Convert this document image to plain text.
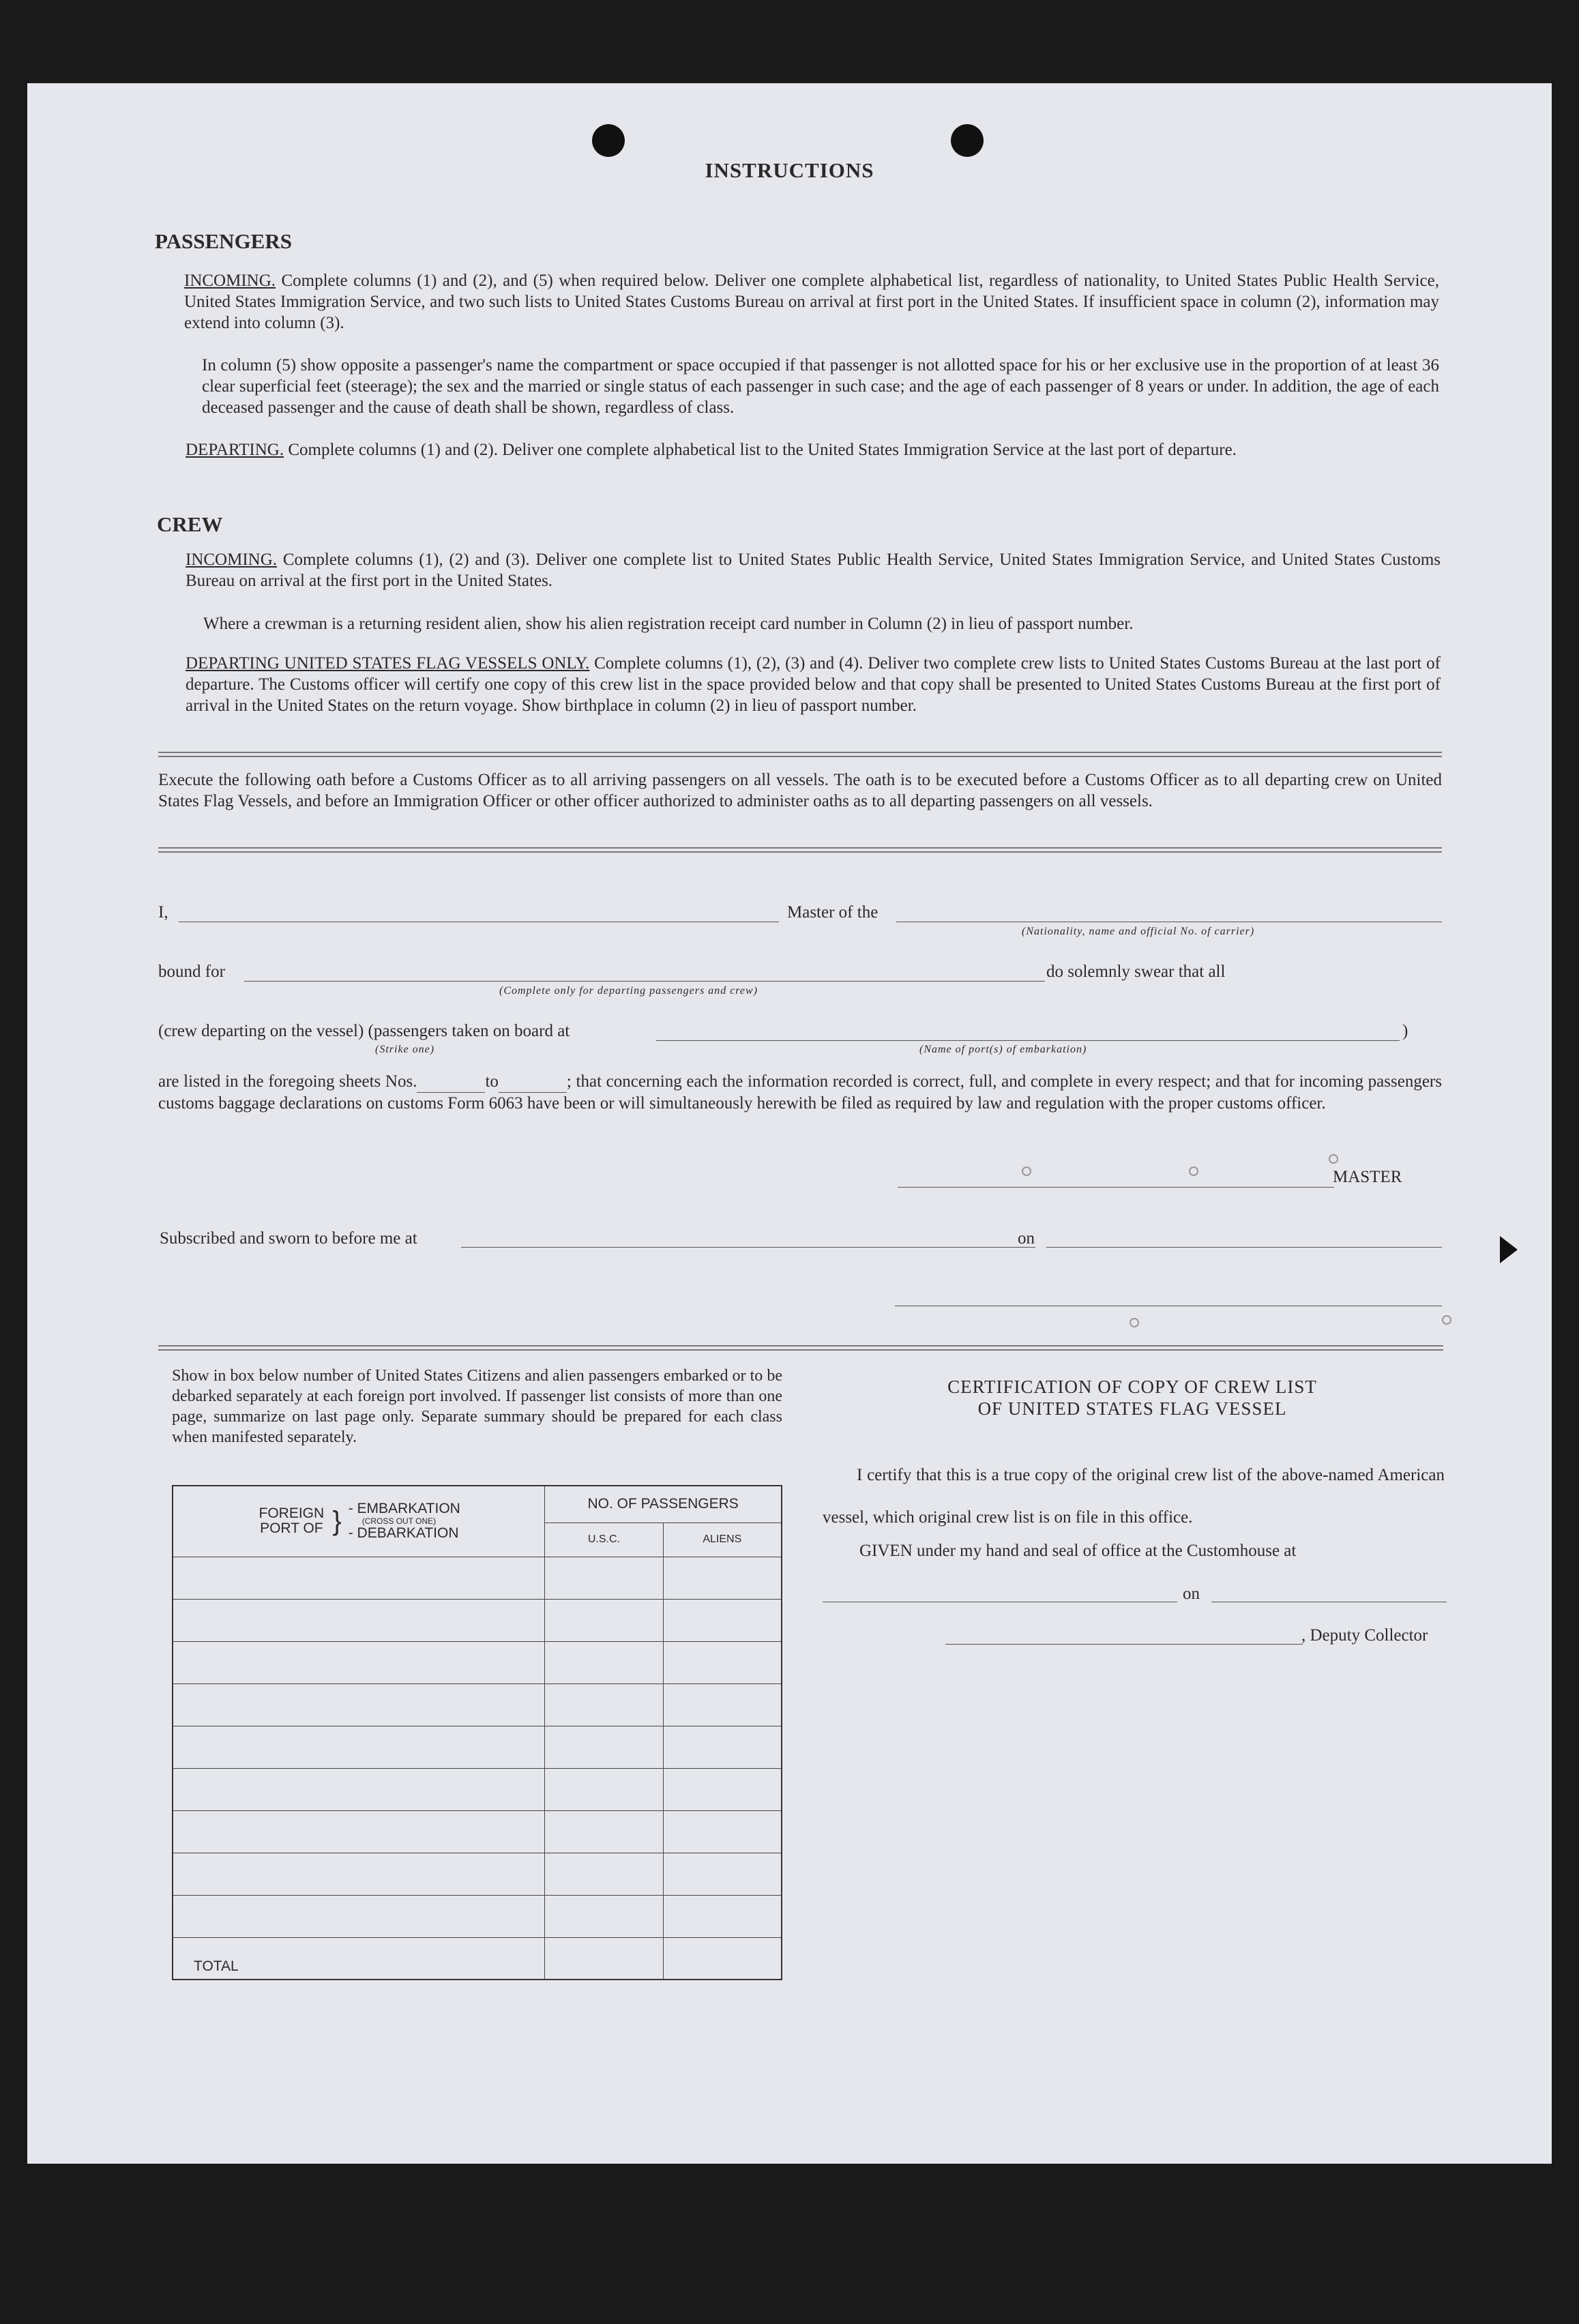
INSTRUCTIONS
PASSENGERS
INCOMING. Complete columns (1) and (2), and (5) when required below. Deliver one complete alphabetical list, regardless of nationality, to United States Public Health Service, United States Immigration Service, and two such lists to United States Customs Bureau on arrival at first port in the United States. If insufficient space in column (2), information may extend into column (3).
In column (5) show opposite a passenger's name the compartment or space occupied if that passenger is not allotted space for his or her exclusive use in the proportion of at least 36 clear superficial feet (steerage); the sex and the married or single status of each passenger in such case; and the age of each passenger of 8 years or under. In addition, the age of each deceased passenger and the cause of death shall be shown, regardless of class.
DEPARTING. Complete columns (1) and (2). Deliver one complete alphabetical list to the United States Immigration Service at the last port of departure.
CREW
INCOMING. Complete columns (1), (2) and (3). Deliver one complete list to United States Public Health Service, United States Immigration Service, and United States Customs Bureau on arrival at the first port in the United States.
Where a crewman is a returning resident alien, show his alien registration receipt card number in Column (2) in lieu of passport number.
DEPARTING UNITED STATES FLAG VESSELS ONLY. Complete columns (1), (2), (3) and (4). Deliver two complete crew lists to United States Customs Bureau at the last port of departure. The Customs officer will certify one copy of this crew list in the space provided below and that copy shall be presented to United States Customs Bureau at the first port of arrival in the United States on the return voyage. Show birthplace in column (2) in lieu of passport number.
Execute the following oath before a Customs Officer as to all arriving passengers on all vessels. The oath is to be executed before a Customs Officer as to all departing crew on United States Flag Vessels, and before an Immigration Officer or other officer authorized to administer oaths as to all departing passengers on all vessels.
I,	Master of the
(Nationality, name and official No. of carrier)
bound for
(Complete only for departing passengers and crew)
do solemnly swear that all
(crew departing on the vessel) (passengers taken on board at	)
(Strike one)	(Name of port(s) of embarkation)
are listed in the foregoing sheets Nos.	to	; that concerning each the information recorded is correct, full, and complete in every respect; and that for incoming passengers customs baggage declarations on customs Form 6063 have been or will simultaneously herewith be filed as required by law and regulation with the proper customs officer.
MASTER
Subscribed and sworn to before me at	on
Show in box below number of United States Citizens and alien passengers embarked or to be debarked separately at each foreign port involved. If passenger list consists of more than one page, summarize on last page only. Separate summary should be prepared for each class when manifested separately.
CERTIFICATION OF COPY OF CREW LIST
OF UNITED STATES FLAG VESSEL
I certify that this is a true copy of the original crew list of the above-named American vessel, which original crew list is on file in this office.
GIVEN under my hand and seal of office at the Customhouse at
on
, Deputy Collector
FOREIGN PORT OF } - EMBARKATION
(CROSS OUT ONE)
- DEBARKATION	NO. OF PASSENGERS	
	U.S.C.	ALIENS

TOTAL		
